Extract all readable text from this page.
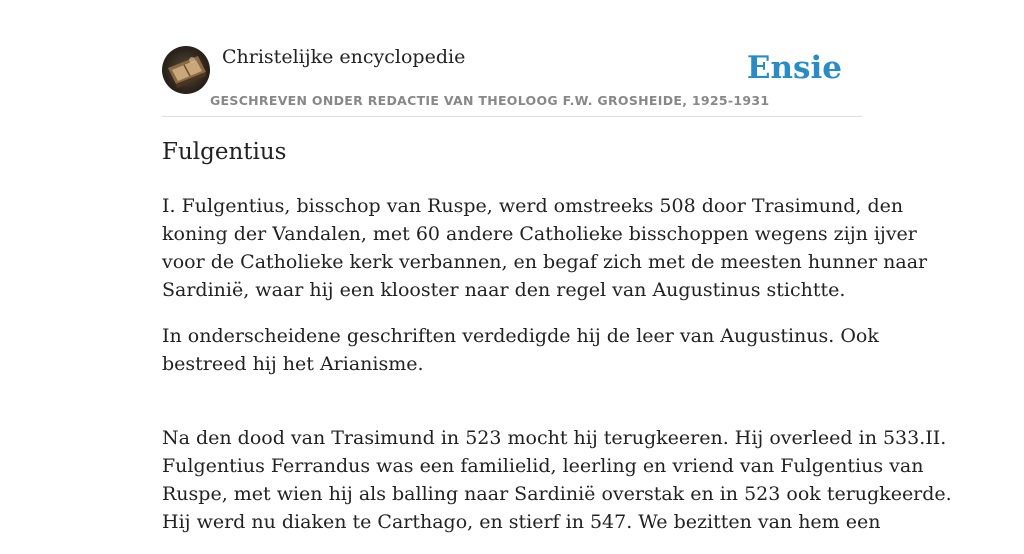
Christelijke encyclopedie
GESCHREVEN ONDER REDACTIE VAN THEOLOOG F.W. GROSHEIDE, 1925-1931
Ensie
Fulgentius

I. Fulgentius, bisschop van Ruspe, werd omstreeks 508 door Trasimund, den

koning der Vandalen, met 60 andere Catholieke bisschoppen wegens zijn ijver

voor de Catholieke kerk verbannen, en begaf zich met de meesten hunner naar

Sardinië, waar hij een klooster naar den regel van Augustinus stichtte.

In onderscheidene geschriften verdedigde hij de leer van Augustinus. Ook

bestreed hij het Arianisme.

Na den dood van Trasimund in 523 mocht hij terugkeeren. Hij overleed in 533.II.

Fulgentius Ferrandus was een familielid, leerling en vriend van Fulgentius van

Ruspe, met wien hij als balling naar Sardinië overstak en in 523 ook terugkeerde.

Hij werd nu diaken te Carthago, en stierf in 547. We bezitten van hem een
